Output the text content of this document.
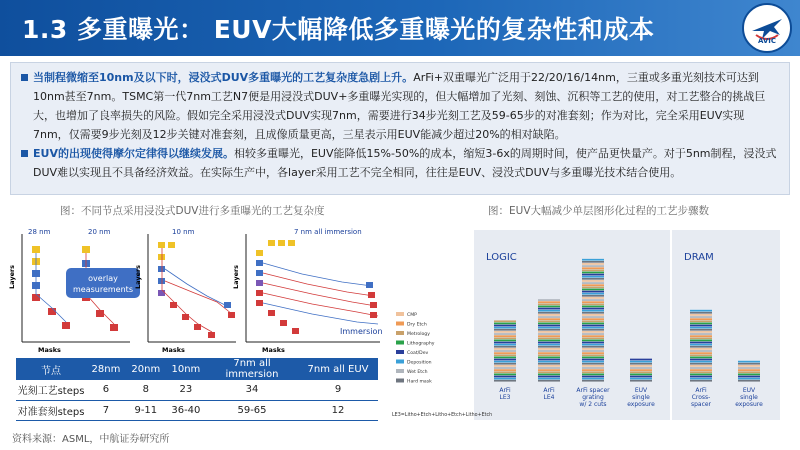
1.3 多重曝光： EUV大幅降低多重曝光的复杂性和成本	AVIC
当制程微缩至10nm及以下时，浸没式DUV多重曝光的工艺复杂度急剧上升。ArFi+双重曝光广泛用于22/20/16/14nm，三重或多重光刻技术可达到10nm甚至7nm。TSMC第一代7nm工艺N7便是用浸没式DUV+多重曝光实现的，但大幅增加了光刻、刻蚀、沉积等工艺的使用，对工艺整合的挑战巨大，也增加了良率损失的风险。假如完全采用浸没式DUV实现7nm，需要进行34步光刻工艺及59-65步的对准套刻；作为对比，完全采用EUV实现7nm，仅需要9步光刻及12步关键对准套刻，且成像质量更高，三星表示用EUV能减少超过20%的相对缺陷。
EUV的出现使得摩尔定律得以继续发展。相较多重曝光，EUV能降低15%-50%的成本，缩短3-6x的周期时间，使产品更快量产。对于5nm制程，浸没式DUV难以实现且不具备经济效益。在实际生产中，各layer采用工艺不完全相同，往往是EUV、浸没式DUV与多重曝光技术结合使用。
图：不同节点采用浸没式DUV进行多重曝光的工艺复杂度
Layers
Masks
28 nm	20 nm
overlay
measurements
Layers
Masks
10 nm
Layers
Masks
7 nm all immersion
Immersion
节点	28nm	20nm	10nm	7nm all immersion	7nm all EUV
光刻工艺steps	6	8	23	34	9
对准套刻steps	7	9-11	36-40	59-65	12
图：EUV大幅减少单层图形化过程的工艺步骤数
LOGIC	DRAM
CMP
Dry Etch
Metrology
Lithography
Coat/Dev
Deposition
Wet Etch
Hard mask
ArFi
LE3
ArFi
LE4
ArFi spacer
grating
w/ 2 cuts
EUV
single
exposure
ArFi
Cross-
spacer
EUV
single
exposure
LE3=Litho+Etch+Litho+Etch+Litho+Etch
资料来源：ASML，中航证券研究所
